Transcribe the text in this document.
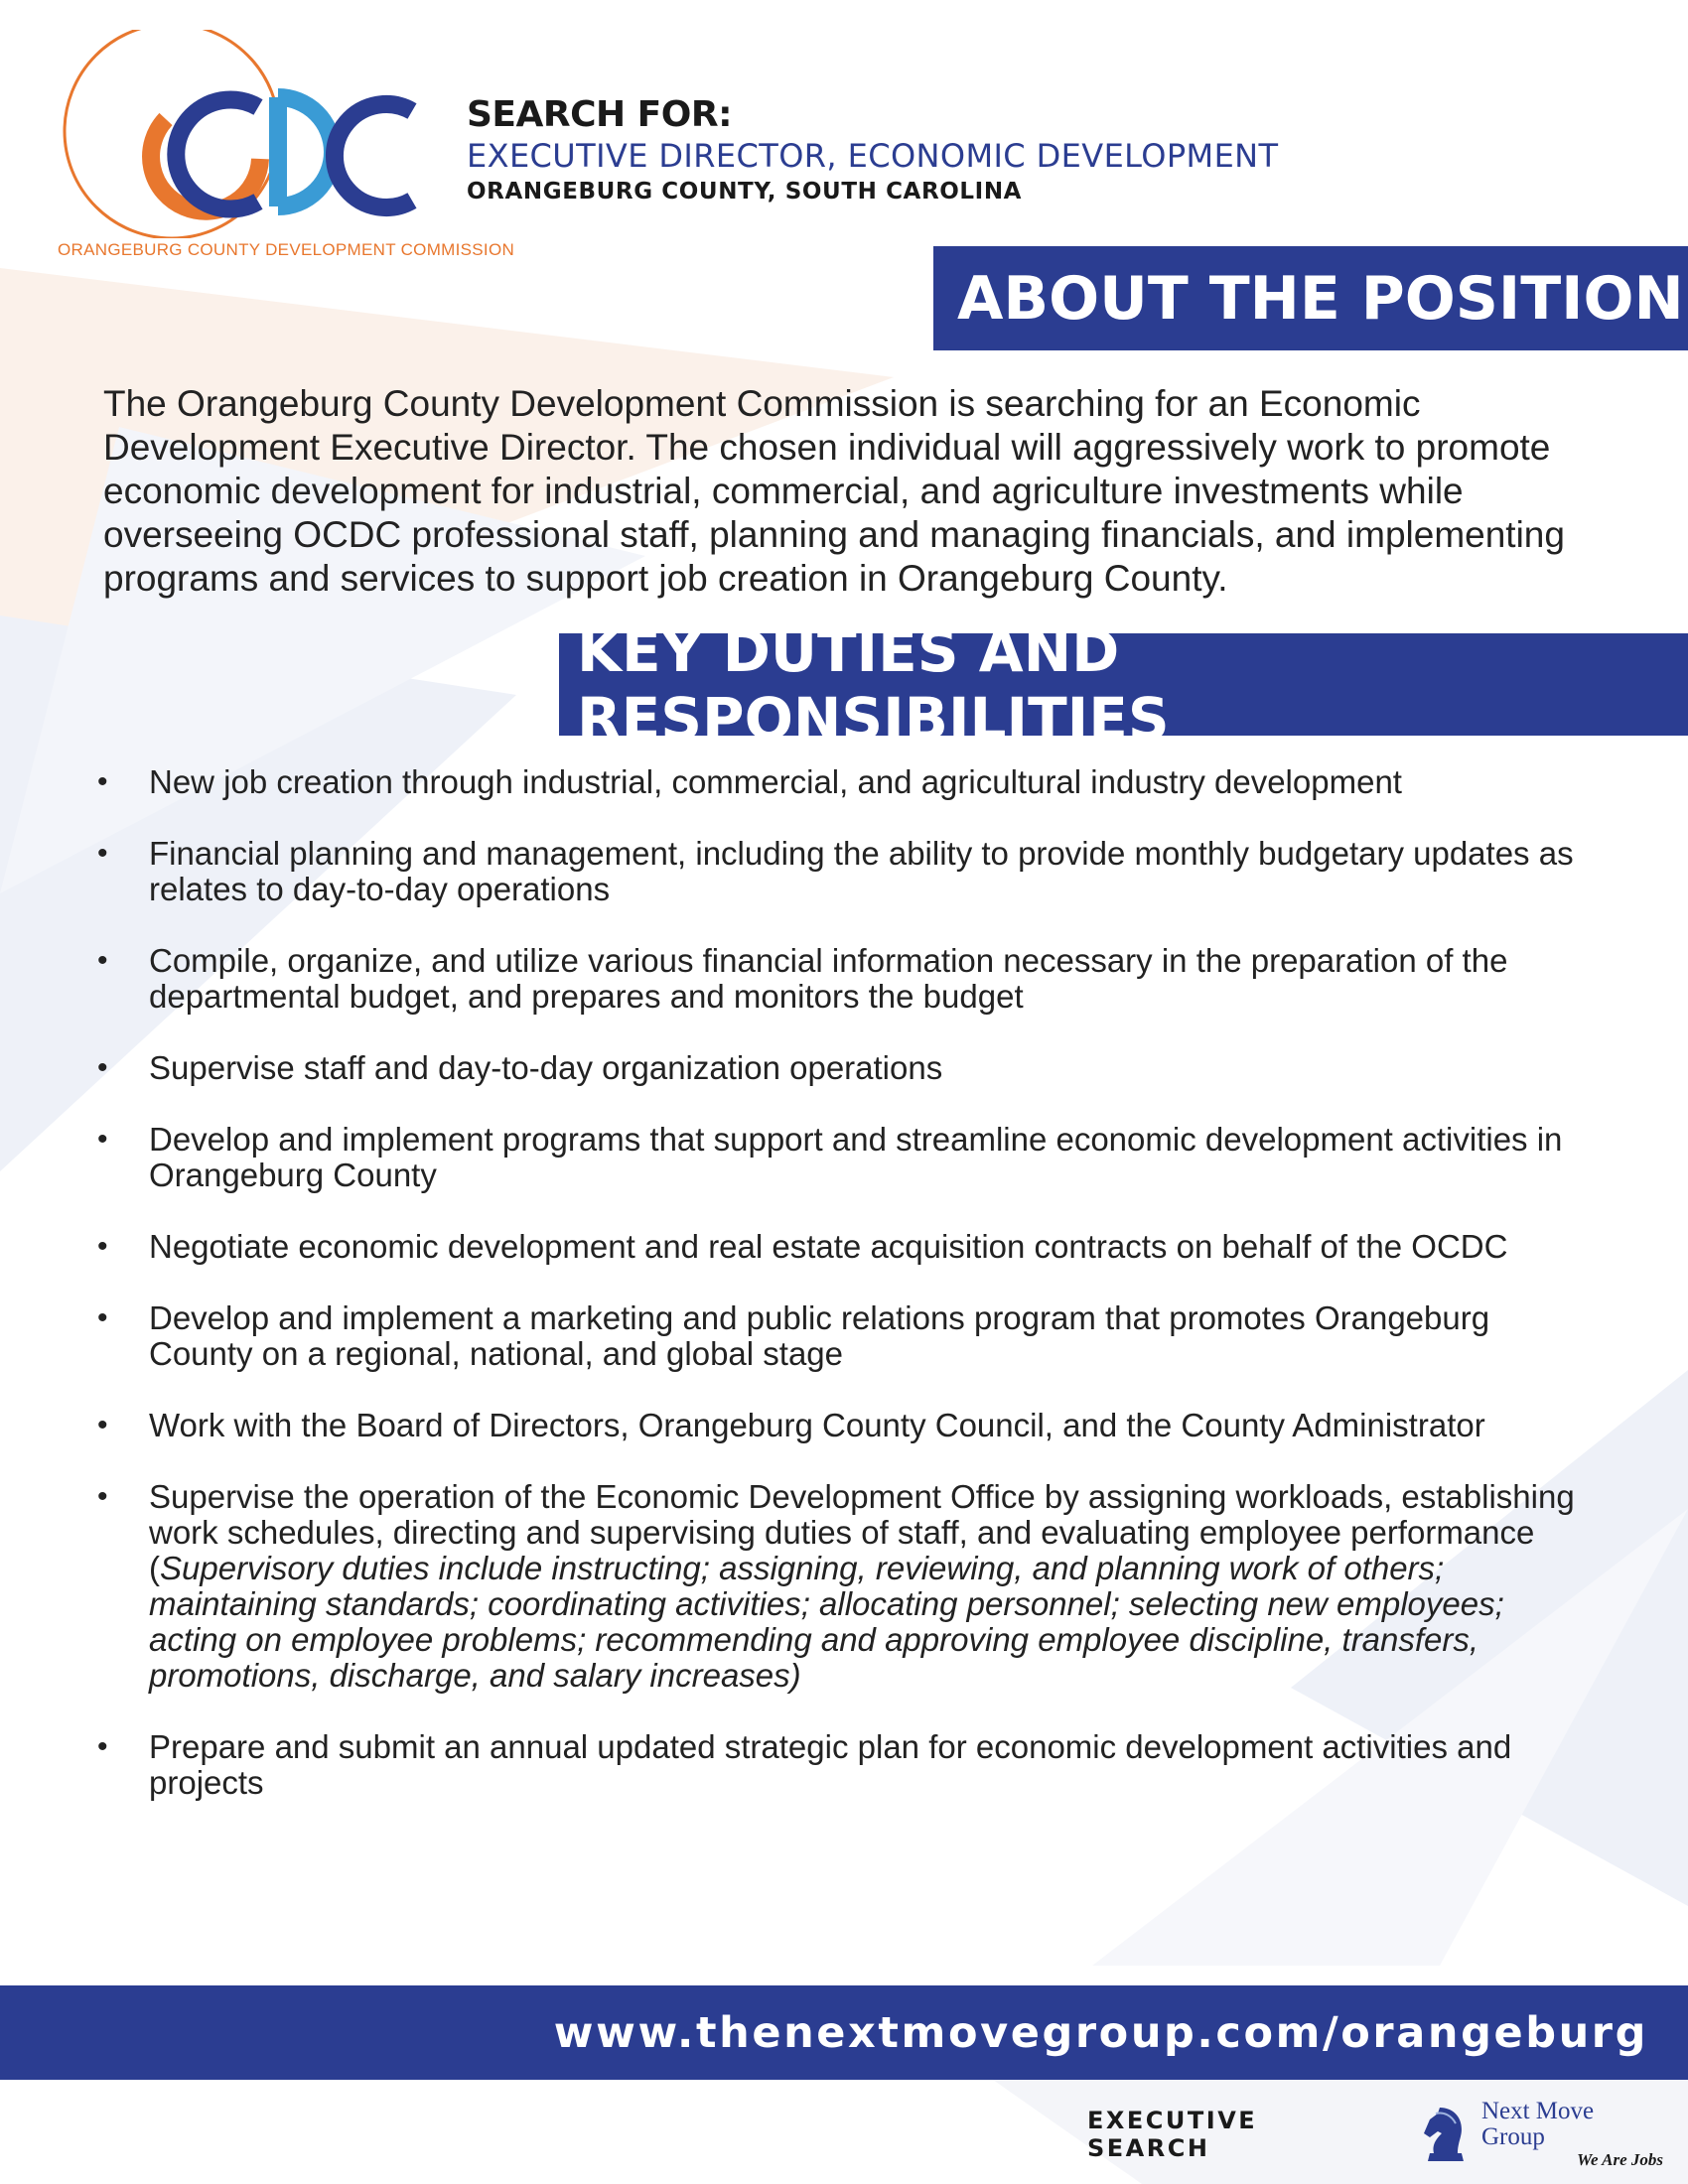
ORANGEBURG COUNTY DEVELOPMENT COMMISSION
SEARCH FOR:
EXECUTIVE DIRECTOR, ECONOMIC DEVELOPMENT
ORANGEBURG COUNTY, SOUTH CAROLINA
ABOUT THE POSITION
The Orangeburg County Development Commission is searching for an Economic Development Executive Director. The chosen individual will aggressively work to promote economic development for industrial, commercial, and agriculture investments while overseeing OCDC professional staff, planning and managing financials, and implementing programs and services to support job creation in Orangeburg County.
KEY DUTIES AND RESPONSIBILITIES
• New job creation through industrial, commercial, and agricultural industry development
• Financial planning and management, including the ability to provide monthly budgetary updates as relates to day-to-day operations
• Compile, organize, and utilize various financial information necessary in the preparation of the departmental budget, and prepares and monitors the budget
• Supervise staff and day-to-day organization operations
• Develop and implement programs that support and streamline economic development activities in Orangeburg County
• Negotiate economic development and real estate acquisition contracts on behalf of the OCDC
• Develop and implement a marketing and public relations program that promotes Orangeburg County on a regional, national, and global stage
• Work with the Board of Directors, Orangeburg County Council, and the County Administrator
• Supervise the operation of the Economic Development Office by assigning workloads, establishing work schedules, directing and supervising duties of staff, and evaluating employee performance (Supervisory duties include instructing; assigning, reviewing, and planning work of others; maintaining standards; coordinating activities; allocating personnel; selecting new employees; acting on employee problems; recommending and approving employee discipline, transfers, promotions, discharge, and salary increases)
• Prepare and submit an annual updated strategic plan for economic development activities and projects
www.thenextmovegroup.com/orangeburg
EXECUTIVE SEARCH
Next Move Group
We Are Jobs
